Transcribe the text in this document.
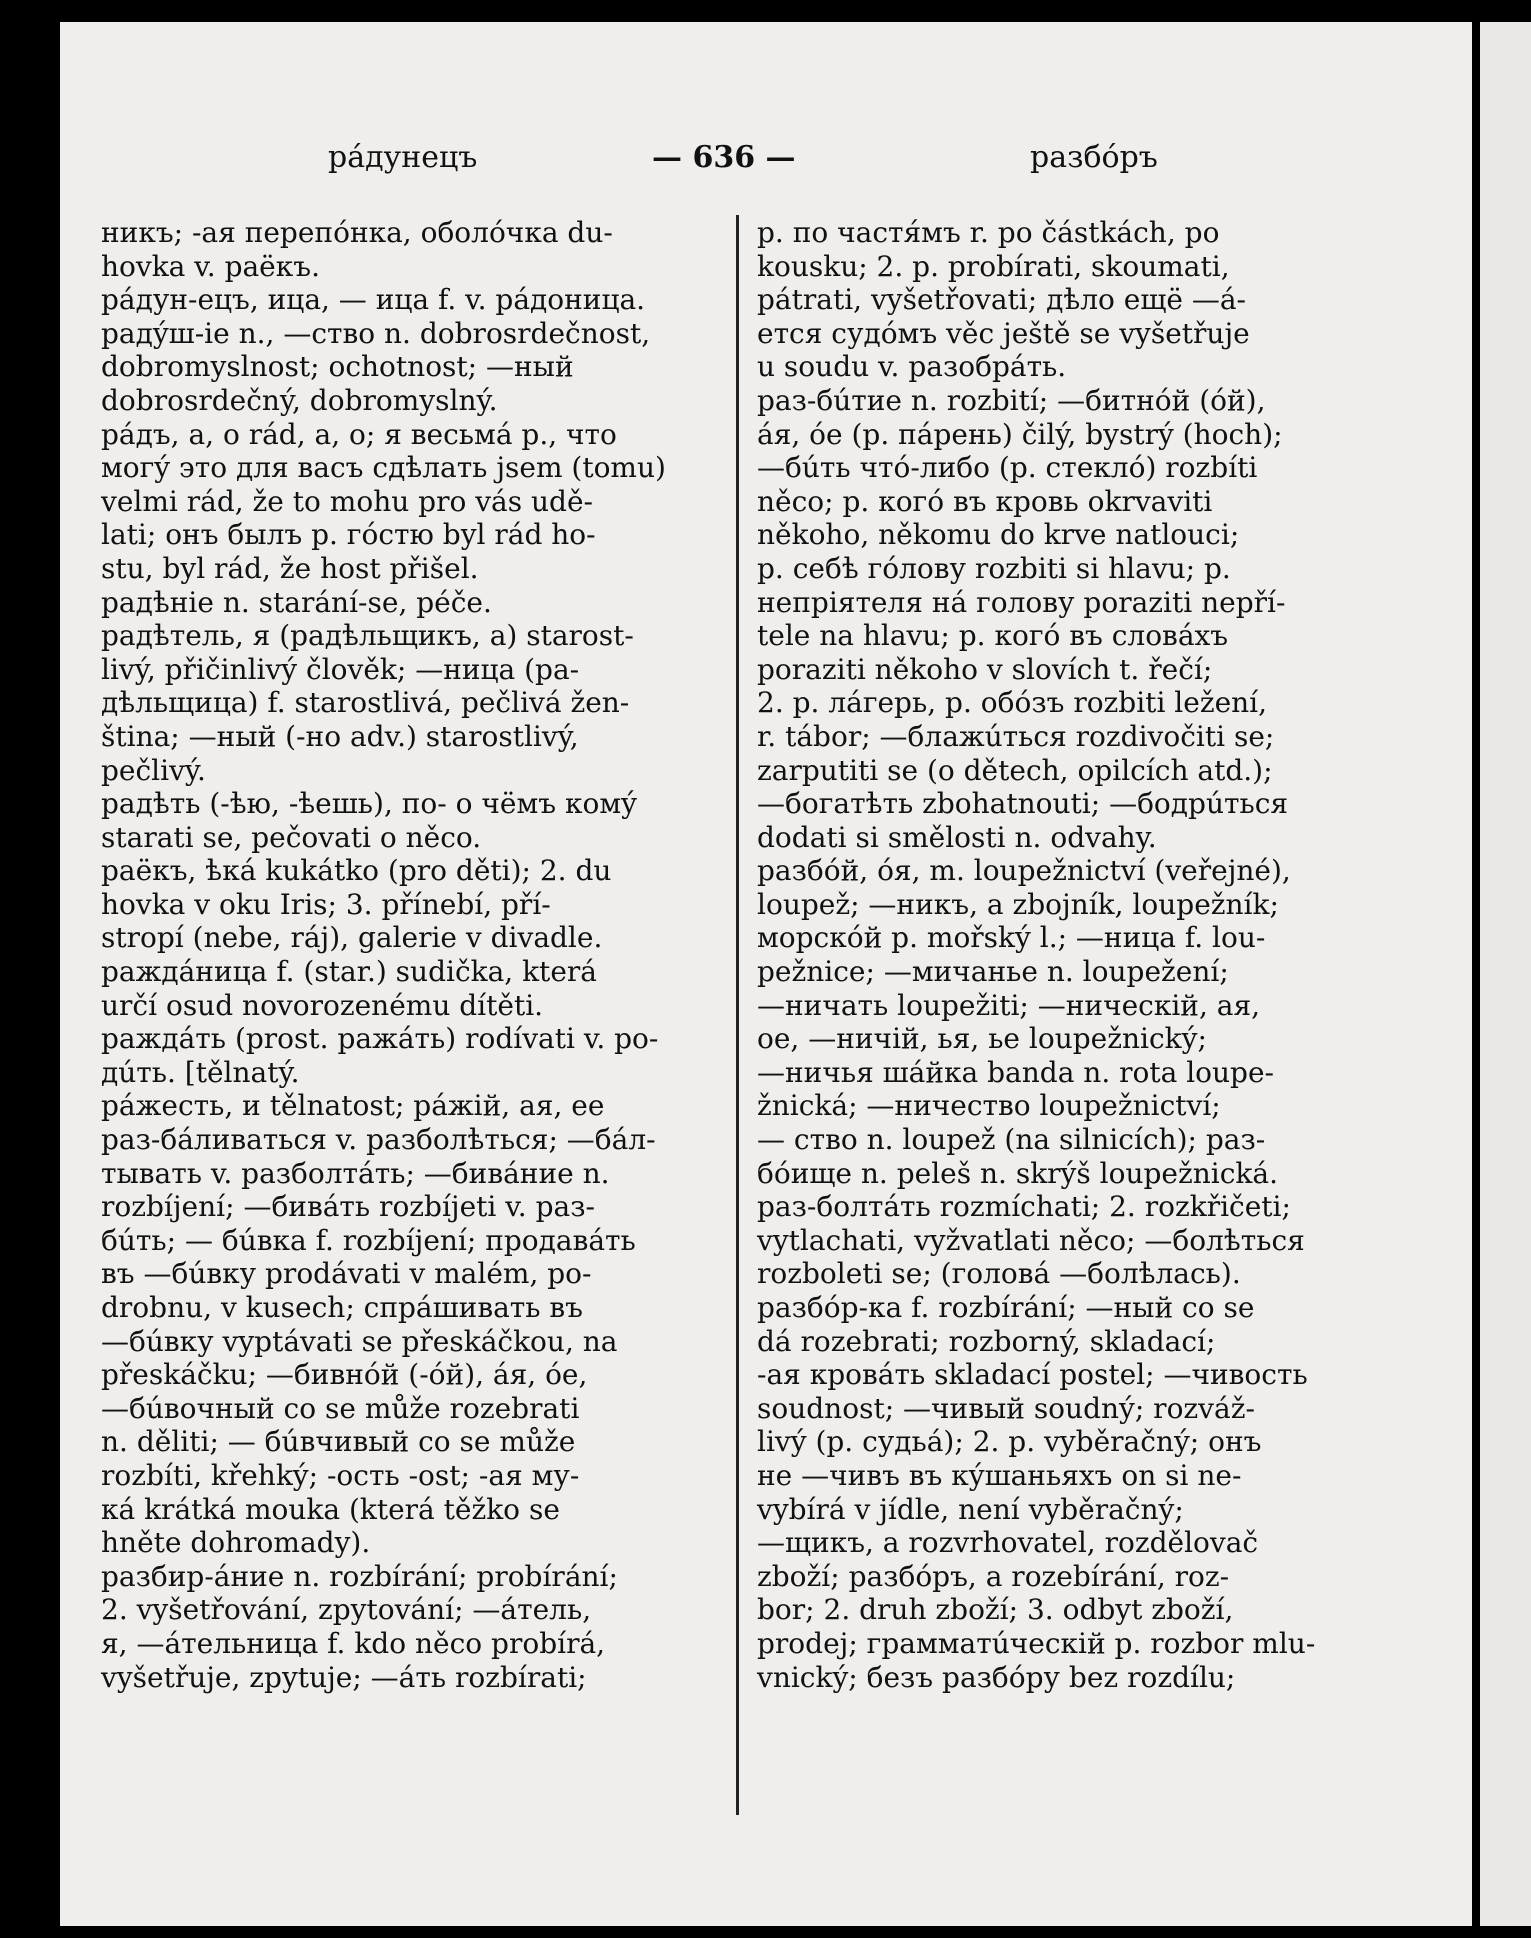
рáдунецъ	— 636 —	разбóръ
никъ; -ая перепóнка, оболóчка du-
hovka v. раёкъ.
рáдун-ецъ, ица, — ица f. v. рáдоница.
радýш-ie n., —ство n. dobrosrdečnost,
dobromyslnost; ochotnost; —ный
dobrosrdečný, dobromyslný.
рáдъ, а, о rád, a, o; я весьмá р., что
могý это для васъ сдѣлать jsem (tomu)
velmi rád, že to mohu pro vás udě-
lati; онъ былъ р. гóстю byl rád ho-
stu, byl rád, že host přišel.
радѣнie n. starání-se, péče.
радѣтель, я (радѣльщикъ, а) starost-
livý, přičinlivý člověk; —ница (ра-
дѣльщица) f. starostlivá, pečlivá žen-
ština; —ный (-но adv.) starostlivý,
pečlivý.
радѣть (-ѣю, -ѣешь), по- о чёмъ комý
starati se, pečovati o něco.
раёкъ, ѣкá kukátko (pro děti); 2. du
hovka v oku Iris; 3. přínebí, pří-
stropí (nebe, ráj), galerie v divadle.
раждáница f. (star.) sudička, která
určí osud novorozenému dítěti.
раждáть (prost. ражáть) rodívati v. ро-
дúть. [tělnatý.
рáжесть, и tělnatost; рáжій, ая, ее
раз-бáливаться v. разболѣться; —бáл-
тывать v. разболтáть; —бивáние n.
rozbíjení; —бивáть rozbíjeti v. раз-
бúть; — бúвка f. rozbíjení; продавáть
въ —бúвку prodávati v malém, po-
drobnu, v kusech; спрáшивать въ
—бúвку vyptávati se přeskáčkou, na
přeskáčku; —бивнóй (-óй), áя, óе,
—бúвочный co se může rozebrati
n. děliti; — бúвчивый co se může
rozbíti, křehký; -ость -ost; -ая му-
кá krátká mouka (která těžko se
hněte dohromady).
разбир-áние n. rozbírání; probírání;
2. vyšetřování, zpytování; —áтель,
я, —áтельница f. kdo něco probírá,
vyšetřuje, zpytuje; —áть rozbírati;
р. по частя́мъ r. po částkách, po
kousku; 2. p. probírati, skoumati,
pátrati, vyšetřovati; дѣло ещё —á-
ется судóмъ věc ještě se vyšetřuje
u soudu v. разобрáть.
раз-бúтие n. rozbití; —битнóй (óй),
áя, óе (р. пáрень) čilý, bystrý (hoch);
—бúть чтó-либо (р. стеклó) rozbíti
něco; р. когó въ кровь okrvaviti
někoho, někomu do krve natlouci;
р. себѣ гóлову rozbiti si hlavu; р.
непріятеля нá голову poraziti nepří-
tele na hlavu; р. когó въ словáхъ
poraziti někoho v slovích t. řečí;
2. р. лáгерь, р. обóзъ rozbiti ležení,
r. tábor; —блажúться rozdivočiti se;
zarputiti se (o dětech, opilcích atd.);
—богатѣть zbohatnouti; —бодрúться
dodati si smělosti n. odvahy.
разбóй, óя, m. loupežnictví (veřejné),
loupež; —никъ, a zbojník, loupežník;
морскóй р. mořský l.; —ница f. lou-
pežnice; —мичанье n. loupežení;
—ничать loupežiti; —ническій, ая,
ое, —ничій, ья, ье loupežnický;
—ничья шáйка banda n. rota loupe-
žnická; —ничество loupežnictví;
— ство n. loupež (na silnicích); раз-
бóище n. peleš n. skrýš loupežnická.
раз-болтáть rozmíchati; 2. rozkřičeti;
vytlachati, vyžvatlati něco; —болѣться
rozboleti se; (головá —болѣлась).
разбóр-ка f. rozbírání; —ный co se
dá rozebrati; rozborný, skladací;
-ая кровáть skladací postel; —чивость
soudnost; —чивый soudný; rozváž-
livý (р. судьá); 2. р. vyběračný; онъ
не —чивъ въ кýшаньяхъ on si ne-
vybírá v jídle, není vyběračný;
—щикъ, a rozvrhovatel, rozdělovač
zboží; разбóръ, a rozebírání, roz-
bor; 2. druh zboží; 3. odbyt zboží,
prodej; грамматúческій р. rozbor mlu-
vnický; безъ разбóру bez rozdílu;
